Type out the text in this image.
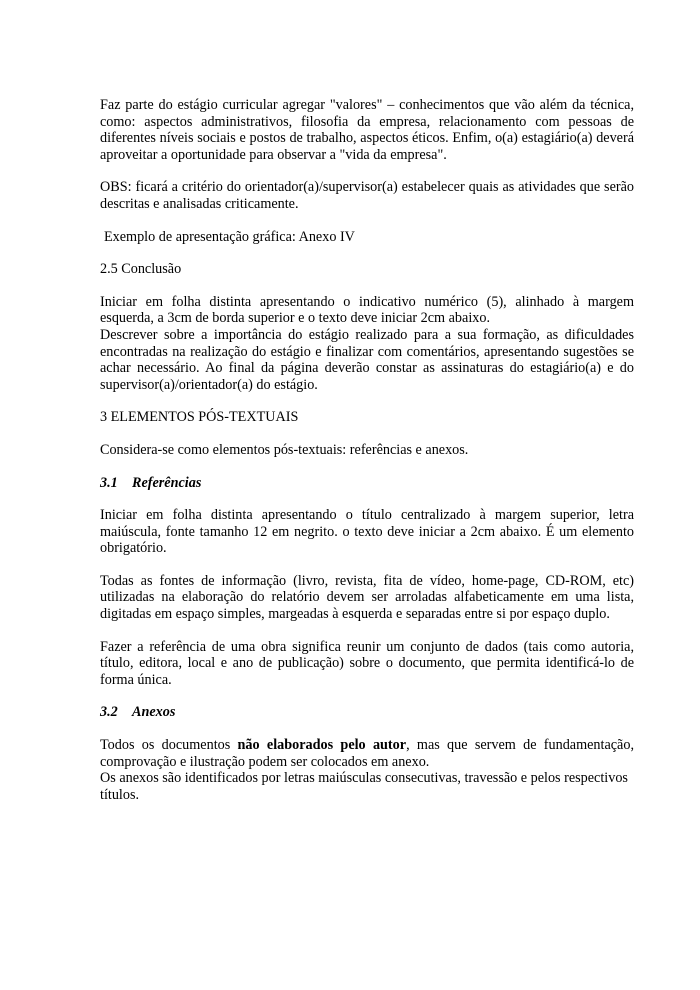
Faz parte do estágio curricular agregar "valores" – conhecimentos que vão além da técnica, como: aspectos administrativos, filosofia da empresa, relacionamento com pessoas de diferentes níveis sociais e postos de trabalho, aspectos éticos. Enfim, o(a) estagiário(a) deverá aproveitar a oportunidade para observar a "vida da empresa".

OBS: ficará a critério do orientador(a)/supervisor(a) estabelecer quais as atividades que serão descritas e analisadas criticamente.

Exemplo de apresentação gráfica: Anexo IV

2.5 Conclusão

Iniciar em folha distinta apresentando o indicativo numérico (5), alinhado à margem esquerda, a 3cm de borda superior e o texto deve iniciar 2cm abaixo.

Descrever sobre a importância do estágio realizado para a sua formação, as dificuldades encontradas na realização do estágio e finalizar com comentários, apresentando sugestões se achar necessário. Ao final da página deverão constar as assinaturas do estagiário(a) e do supervisor(a)/orientador(a) do estágio.

3 ELEMENTOS PÓS-TEXTUAIS

Considera-se como elementos pós-textuais: referências e anexos.

3.1 Referências

Iniciar em folha distinta apresentando o título centralizado à margem superior, letra maiúscula, fonte tamanho 12 em negrito. o texto deve iniciar a 2cm abaixo. É um elemento obrigatório.

Todas as fontes de informação (livro, revista, fita de vídeo, home-page, CD-ROM, etc) utilizadas na elaboração do relatório devem ser arroladas alfabeticamente em uma lista, digitadas em espaço simples, margeadas à esquerda e separadas entre si por espaço duplo.

Fazer a referência de uma obra significa reunir um conjunto de dados (tais como autoria, título, editora, local e ano de publicação) sobre o documento, que permita identificá-lo de forma única.

3.2 Anexos

Todos os documentos não elaborados pelo autor, mas que servem de fundamentação, comprovação e ilustração podem ser colocados em anexo.

Os anexos são identificados por letras maiúsculas consecutivas, travessão e pelos respectivos títulos.
